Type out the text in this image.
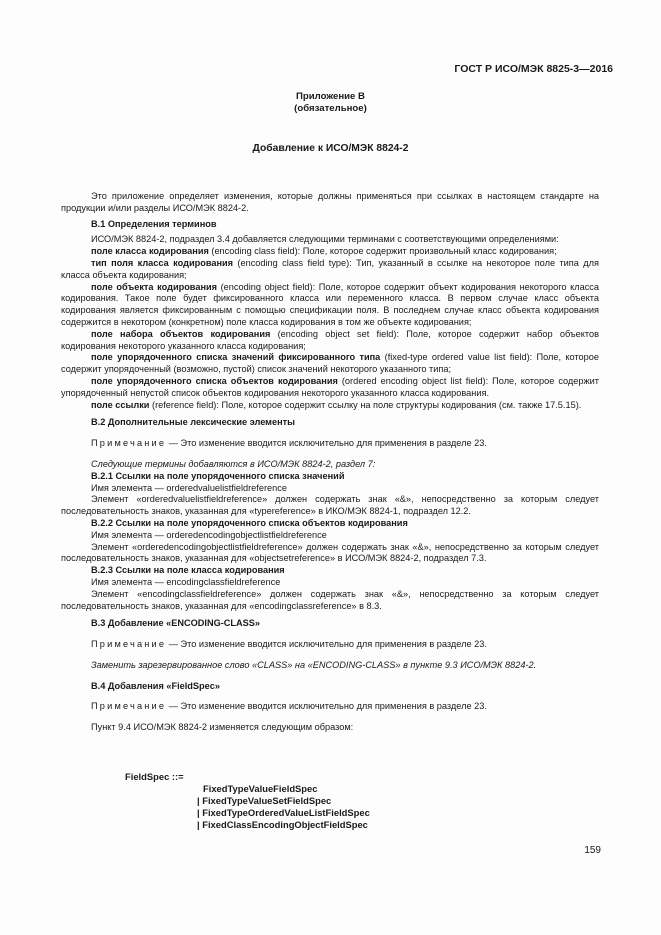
ГОСТ Р ИСО/МЭК 8825-3—2016
Приложение В
(обязательное)
Добавление к ИСО/МЭК 8824-2

Это приложение определяет изменения, которые должны применяться при ссылках в настоящем стандарте на продукции и/или разделы ИСО/МЭК 8824-2.

В.1 Определения терминов

ИСО/МЭК 8824-2, подраздел 3.4 добавляется следующими терминами с соответствующими определениями:

поле класса кодирования (encoding class field): Поле, которое содержит произвольный класс кодирования;

тип поля класса кодирования (encoding class field type): Тип, указанный в ссылке на некоторое поле типа для класса объекта кодирования;

поле объекта кодирования (encoding object field): Поле, которое содержит объект кодирования некоторого класса кодирования. Такое поле будет фиксированного класса или переменного класса. В первом случае класс объекта кодирования является фиксированным с помощью спецификации поля. В последнем случае класс объекта кодирования содержится в некотором (конкретном) поле класса кодирования в том же объекте кодирования;

поле набора объектов кодирования (encoding object set field): Поле, которое содержит набор объектов кодирования некоторого указанного класса кодирования;

поле упорядоченного списка значений фиксированного типа (fixed-type ordered value list field): Поле, которое содержит упорядоченный (возможно, пустой) список значений некоторого указанного типа;

поле упорядоченного списка объектов кодирования (ordered encoding object list field): Поле, которое содержит упорядоченный непустой список объектов кодирования некоторого указанного класса кодирования.

поле ссылки (reference field): Поле, которое содержит ссылку на поле структуры кодирования (см. также 17.5.15).

В.2 Дополнительные лексические элементы

Примечание — Это изменение вводится исключительно для применения в разделе 23.

Следующие термины добавляются в ИСО/МЭК 8824-2, раздел 7:

В.2.1 Ссылки на поле упорядоченного списка значений

Имя элемента — orderedvaluelistfieldreference

Элемент «orderedvaluelistfieldreference» должен содержать знак «&», непосредственно за которым следует последовательность знаков, указанная для «typereference» в ИКО/МЭК 8824-1, подраздел 12.2.

В.2.2 Ссылки на поле упорядоченного списка объектов кодирования

Имя элемента — orderedencodingobjectlistfieldreference

Элемент «orderedencodingobjectlistfieldreference» должен содержать знак «&», непосредственно за которым следует последовательность знаков, указанная для «objectsetreference» в ИСО/МЭК 8824-2, подраздел 7.3.

В.2.3 Ссылки на поле класса кодирования

Имя элемента — encodingclassfieldreference

Элемент «encodingclassfieldreference» должен содержать знак «&», непосредственно за которым следует последовательность знаков, указанная для «encodingclassreference» в 8.3.

В.3 Добавление «ENCODING-CLASS»

Примечание — Это изменение вводится исключительно для применения в разделе 23.

Заменить зарезервированное слово «CLASS» на «ENCODING-CLASS» в пункте 9.3 ИСО/МЭК 8824-2.

В.4 Добавления «FieldSpec»

Примечание — Это изменение вводится исключительно для применения в разделе 23.

Пункт 9.4 ИСО/МЭК 8824-2 изменяется следующим образом:

FieldSpec ::=

FixedTypeValueFieldSpec

| FixedTypeValueSetFieldSpec

| FixedTypeOrderedValueListFieldSpec

| FixedClassEncodingObjectFieldSpec

159
